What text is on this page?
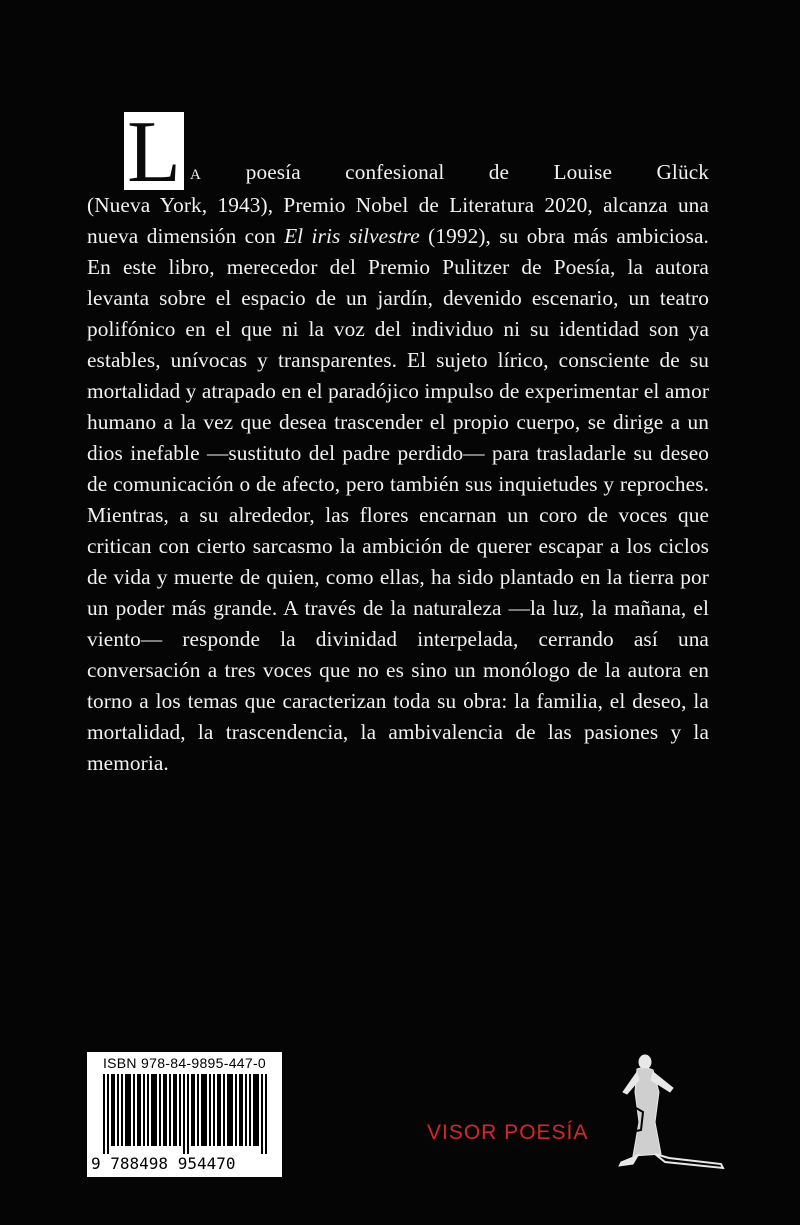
L A poesía confesional de Louise Glück
(Nueva York, 1943), Premio Nobel de Literatura 2020, alcanza una nueva dimensión con El iris silvestre (1992), su obra más ambiciosa. En este libro, merecedor del Premio Pulitzer de Poesía, la autora levanta sobre el espacio de un jardín, devenido escenario, un teatro polifónico en el que ni la voz del individuo ni su identidad son ya estables, unívocas y transparentes. El sujeto lírico, consciente de su mortalidad y atrapado en el paradójico impulso de experimentar el amor humano a la vez que desea trascender el propio cuerpo, se dirige a un dios inefable —sustituto del padre perdido— para trasladarle su deseo de comunicación o de afecto, pero también sus inquietudes y reproches. Mientras, a su alrededor, las flores encarnan un coro de voces que critican con cierto sarcasmo la ambición de querer escapar a los ciclos de vida y muerte de quien, como ellas, ha sido plantado en la tierra por un poder más grande. A través de la naturaleza —la luz, la mañana, el viento— responde la divinidad interpelada, cerrando así una conversación a tres voces que no es sino un monólogo de la autora en torno a los temas que caracterizan toda su obra: la familia, el deseo, la mortalidad, la trascendencia, la ambivalencia de las pasiones y la memoria.
ISBN 978-84-9895-447-0
9 788498 954470
VISOR POESÍA
